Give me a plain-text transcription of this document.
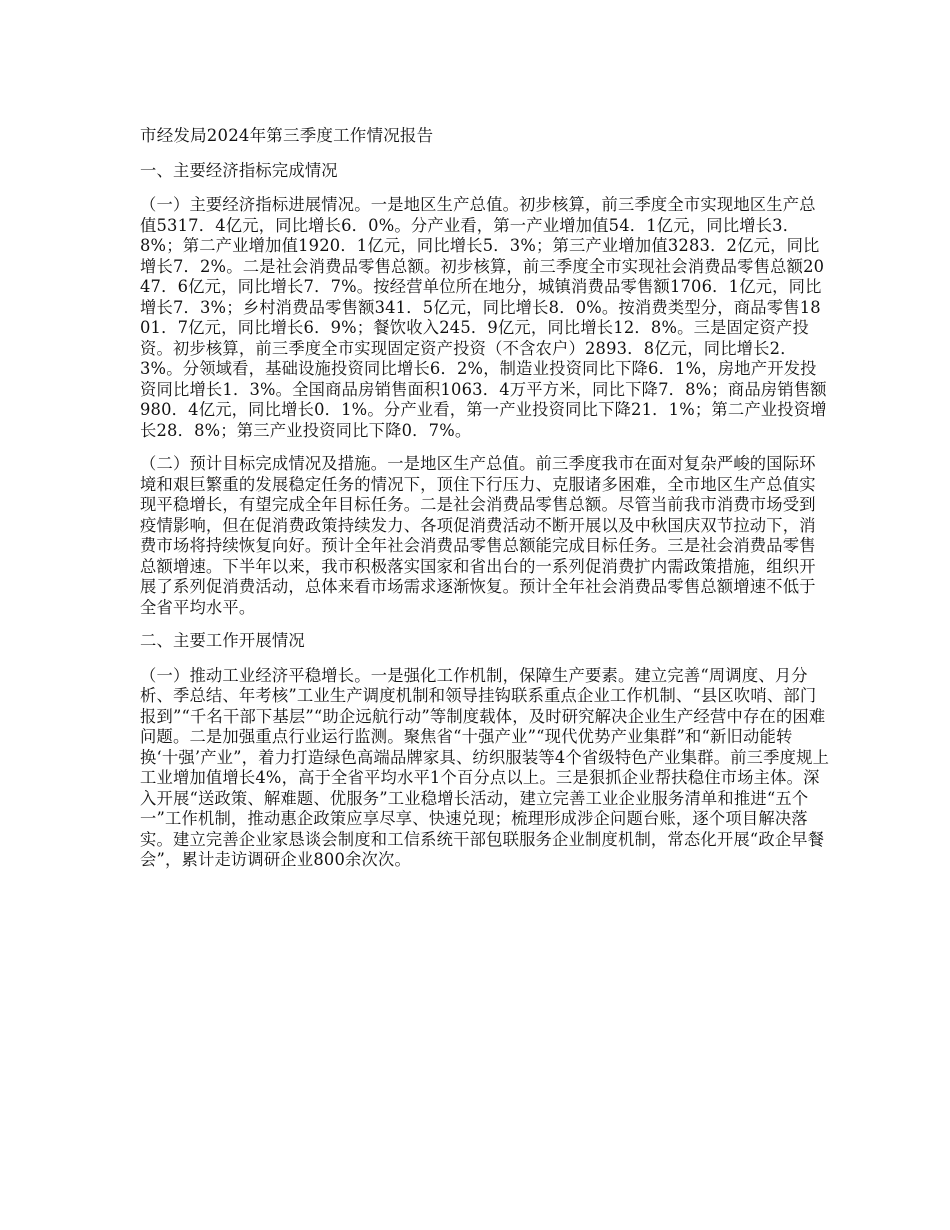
市经发局2024年第三季度工作情况报告
一、主要经济指标完成情况
（一）主要经济指标进展情况。一是地区生产总值。初步核算，前三季度全市实现地区生产总值5317．4亿元，同比增长6．0%。分产业看，第一产业增加值54．1亿元，同比增长3．8%；第二产业增加值1920．1亿元，同比增长5．3%；第三产业增加值3283．2亿元，同比增长7．2%。二是社会消费品零售总额。初步核算，前三季度全市实现社会消费品零售总额2047．6亿元，同比增长7．7%。按经营单位所在地分，城镇消费品零售额1706．1亿元，同比增长7．3%；乡村消费品零售额341．5亿元，同比增长8．0%。按消费类型分，商品零售1801．7亿元，同比增长6．9%；餐饮收入245．9亿元，同比增长12．8%。三是固定资产投资。初步核算，前三季度全市实现固定资产投资（不含农户）2893．8亿元，同比增长2．3%。分领域看，基础设施投资同比增长6．2%，制造业投资同比下降6．1%，房地产开发投资同比增长1．3%。全国商品房销售面积1063．4万平方米，同比下降7．8%；商品房销售额980．4亿元，同比增长0．1%。分产业看，第一产业投资同比下降21．1%；第二产业投资增长28．8%；第三产业投资同比下降0．7%。
（二）预计目标完成情况及措施。一是地区生产总值。前三季度我市在面对复杂严峻的国际环境和艰巨繁重的发展稳定任务的情况下，顶住下行压力、克服诸多困难，全市地区生产总值实现平稳增长，有望完成全年目标任务。二是社会消费品零售总额。尽管当前我市消费市场受到疫情影响，但在促消费政策持续发力、各项促消费活动不断开展以及中秋国庆双节拉动下，消费市场将持续恢复向好。预计全年社会消费品零售总额能完成目标任务。三是社会消费品零售总额增速。下半年以来，我市积极落实国家和省出台的一系列促消费扩内需政策措施，组织开展了系列促消费活动，总体来看市场需求逐渐恢复。预计全年社会消费品零售总额增速不低于全省平均水平。
二、主要工作开展情况
（一）推动工业经济平稳增长。一是强化工作机制，保障生产要素。建立完善“周调度、月分析、季总结、年考核”工业生产调度机制和领导挂钩联系重点企业工作机制、“县区吹哨、部门报到”“千名干部下基层”“助企远航行动”等制度载体，及时研究解决企业生产经营中存在的困难问题。二是加强重点行业运行监测。聚焦省“十强产业”“现代优势产业集群”和“新旧动能转换‘十强’产业”，着力打造绿色高端品牌家具、纺织服装等4个省级特色产业集群。前三季度规上工业增加值增长4%，高于全省平均水平1个百分点以上。三是狠抓企业帮扶稳住市场主体。深入开展“送政策、解难题、优服务”工业稳增长活动，建立完善工业企业服务清单和推进“五个一”工作机制，推动惠企政策应享尽享、快速兑现；梳理形成涉企问题台账，逐个项目解决落实。建立完善企业家恳谈会制度和工信系统干部包联服务企业制度机制，常态化开展“政企早餐会”，累计走访调研企业800余次次。
